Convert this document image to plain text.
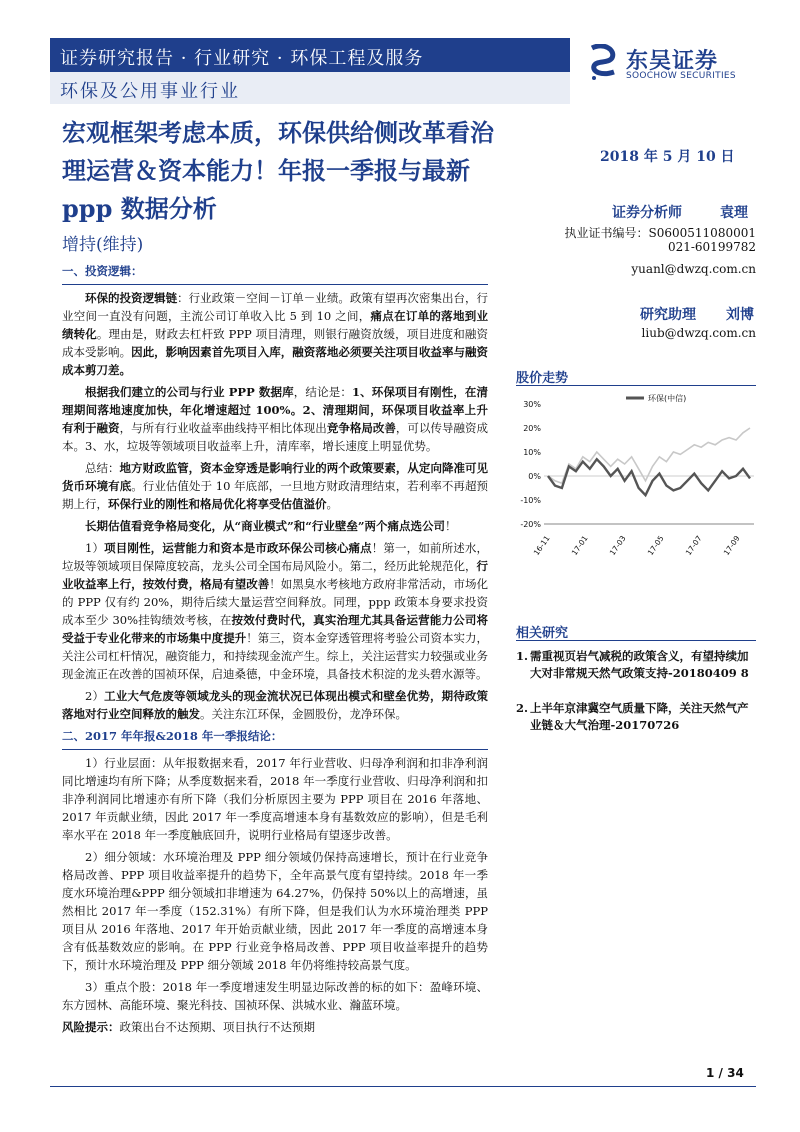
证券研究报告 · 行业研究 · 环保工程及服务
环保及公用事业行业
东吴证券
SOOCHOW SECURITIES
宏观框架考虑本质，环保供给侧改革看治理运营＆资本能力！年报一季报与最新 ppp 数据分析
增持(维持)
2018 年 5 月 10 日
证券分析师	袁理
执业证书编号：S0600511080001
021-60199782
yuanl@dwzq.com.cn
研究助理 刘博
liub@dwzq.com.cn
股价走势
30%
20%
10%
0%
-10%
-20%
16-11 17-01 17-03 17-05 17-07 17-09
环保(中信)
相关研究
1. 需重视页岩气减税的政策含义，有望持续加大对非常规天然气政策支持-20180409 8
2. 上半年京津冀空气质量下降，关注天然气产业链＆大气治理-20170726

一、投资逻辑：

环保的投资逻辑链：行业政策－空间－订单－业绩。政策有望再次密集出台，行业空间一直没有问题，主流公司订单收入比 5 到 10 之间，痛点在订单的落地到业绩转化。理由是，财政去杠杆致 PPP 项目清理，则银行融资放缓，项目进度和融资成本受影响。因此，影响因素首先项目入库，融资落地必须要关注项目收益率与融资成本剪刀差。

根据我们建立的公司与行业 PPP 数据库，结论是：1、环保项目有刚性，在清理期间落地速度加快，年化增速超过 100%。2、清理期间，环保项目收益率上升有利于融资，与所有行业收益率曲线持平相比体现出竞争格局改善，可以传导融资成本。3、水，垃圾等领域项目收益率上升，清库率，增长速度上明显优势。

总结：地方财政监管，资本金穿透是影响行业的两个政策要素，从定向降准可见货币环境有底。行业估值处于 10 年底部，一旦地方财政清理结束，若利率不再超预期上行，环保行业的刚性和格局优化将享受估值溢价。

长期估值看竞争格局变化，从“商业模式”和“行业壁垒”两个痛点选公司！

1）项目刚性，运营能力和资本是市政环保公司核心痛点！第一，如前所述水，垃圾等领域项目保障度较高，龙头公司全国布局风险小。第二，经历此轮规范化，行业收益率上行，按效付费，格局有望改善！如黑臭水考核地方政府非常活动，市场化的 PPP 仅有约 20%，期待后续大量运营空间释放。同理，ppp 政策本身要求投资成本至少 30%挂钩绩效考核，在按效付费时代，真实治理尤其具备运营能力公司将受益于专业化带来的市场集中度提升！第三，资本金穿透管理将考验公司资本实力，关注公司杠杆情况，融资能力，和持续现金流产生。综上，关注运营实力较强或业务现金流正在改善的国祯环保，启迪桑德，中金环境，具备技术积淀的龙头碧水源等。

2）工业大气危废等领域龙头的现金流状况已体现出模式和壁垒优势，期待政策落地对行业空间释放的触发。关注东江环保，金圆股份，龙净环保。

二、2017 年年报&2018 年一季报结论：

1）行业层面：从年报数据来看，2017 年行业营收、归母净利润和扣非净利润同比增速均有所下降；从季度数据来看，2018 年一季度行业营收、归母净利润和扣非净利润同比增速亦有所下降（我们分析原因主要为 PPP 项目在 2016 年落地、2017 年贡献业绩，因此 2017 年一季度高增速本身有基数效应的影响），但是毛利率水平在 2018 年一季度触底回升，说明行业格局有望逐步改善。

2）细分领域：水环境治理及 PPP 细分领域仍保持高速增长，预计在行业竞争格局改善、PPP 项目收益率提升的趋势下，全年高景气度有望持续。2018 年一季度水环境治理&PPP 细分领域扣非增速为 64.27%，仍保持 50%以上的高增速，虽然相比 2017 年一季度（152.31%）有所下降，但是我们认为水环境治理类 PPP 项目从 2016 年落地、2017 年开始贡献业绩，因此 2017 年一季度的高增速本身含有低基数效应的影响。在 PPP 行业竞争格局改善、PPP 项目收益率提升的趋势下，预计水环境治理及 PPP 细分领域 2018 年仍将维持较高景气度。

3）重点个股：2018 年一季度增速发生明显边际改善的标的如下：盈峰环境、东方园林、高能环境、聚光科技、国祯环保、洪城水业、瀚蓝环境。

风险提示：政策出台不达预期、项目执行不达预期

1 / 34
